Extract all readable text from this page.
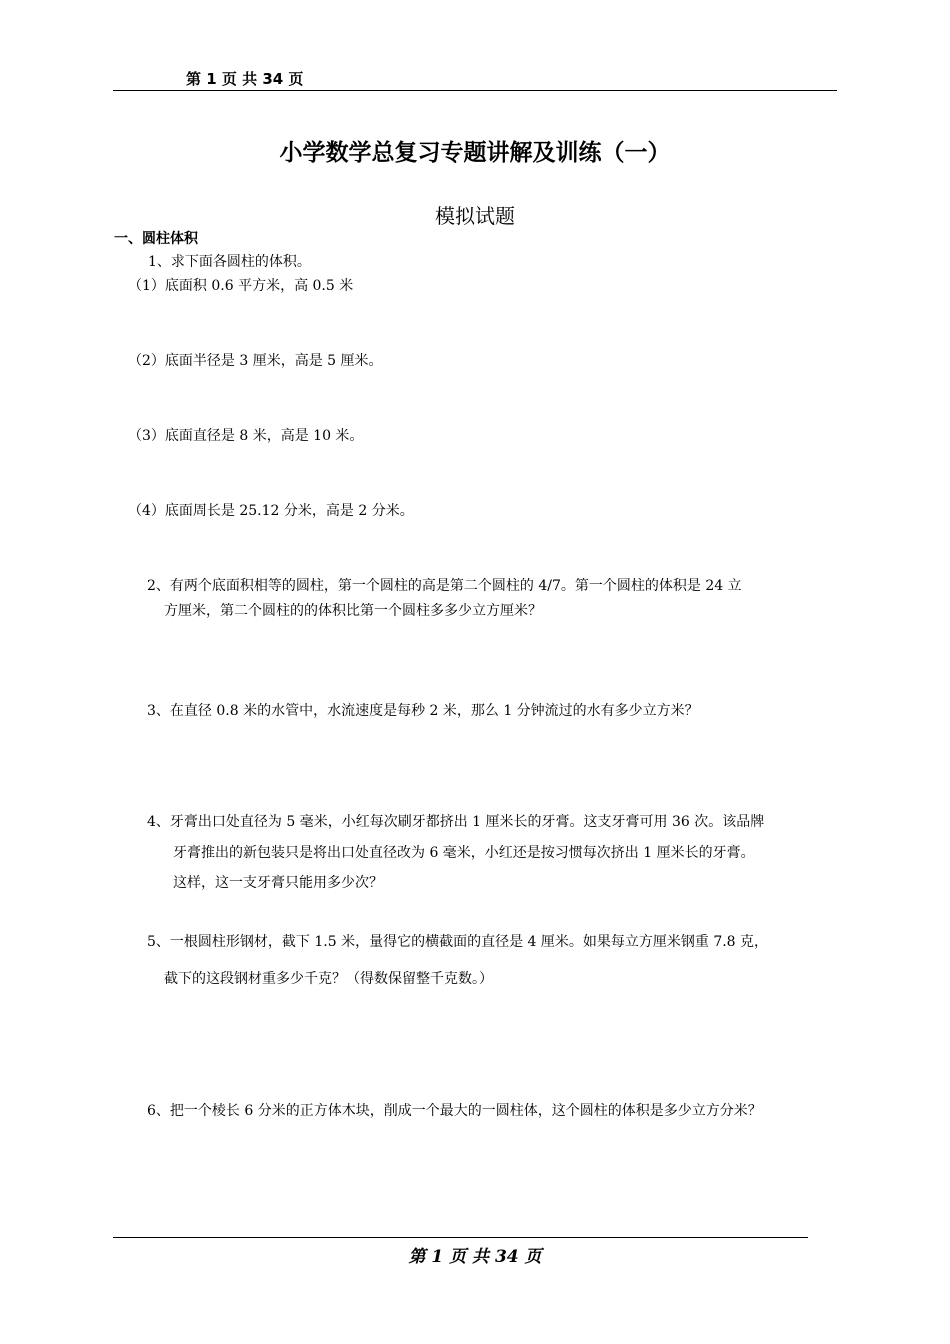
第 1 页 共 34 页
小学数学总复习专题讲解及训练（一）
模拟试题
一、圆柱体积
1、求下面各圆柱的体积。
（1）底面积 0.6 平方米，高 0.5 米
（2）底面半径是 3 厘米，高是 5 厘米。
（3）底面直径是 8 米，高是 10 米。
（4）底面周长是 25.12 分米，高是 2 分米。
2、有两个底面积相等的圆柱，第一个圆柱的高是第二个圆柱的 4/7。第一个圆柱的体积是 24 立
方厘米，第二个圆柱的的体积比第一个圆柱多多少立方厘米？
3、在直径 0.8 米的水管中，水流速度是每秒 2 米，那么 1 分钟流过的水有多少立方米？
4、牙膏出口处直径为 5 毫米，小红每次刷牙都挤出 1 厘米长的牙膏。这支牙膏可用 36 次。该品牌
牙膏推出的新包装只是将出口处直径改为 6 毫米，小红还是按习惯每次挤出 1 厘米长的牙膏。
这样，这一支牙膏只能用多少次？
5、一根圆柱形钢材，截下 1.5 米，量得它的横截面的直径是 4 厘米。如果每立方厘米钢重 7.8 克，
截下的这段钢材重多少千克？（得数保留整千克数。）
6、把一个棱长 6 分米的正方体木块，削成一个最大的一圆柱体，这个圆柱的体积是多少立方分米？
第 1 页 共 34 页
